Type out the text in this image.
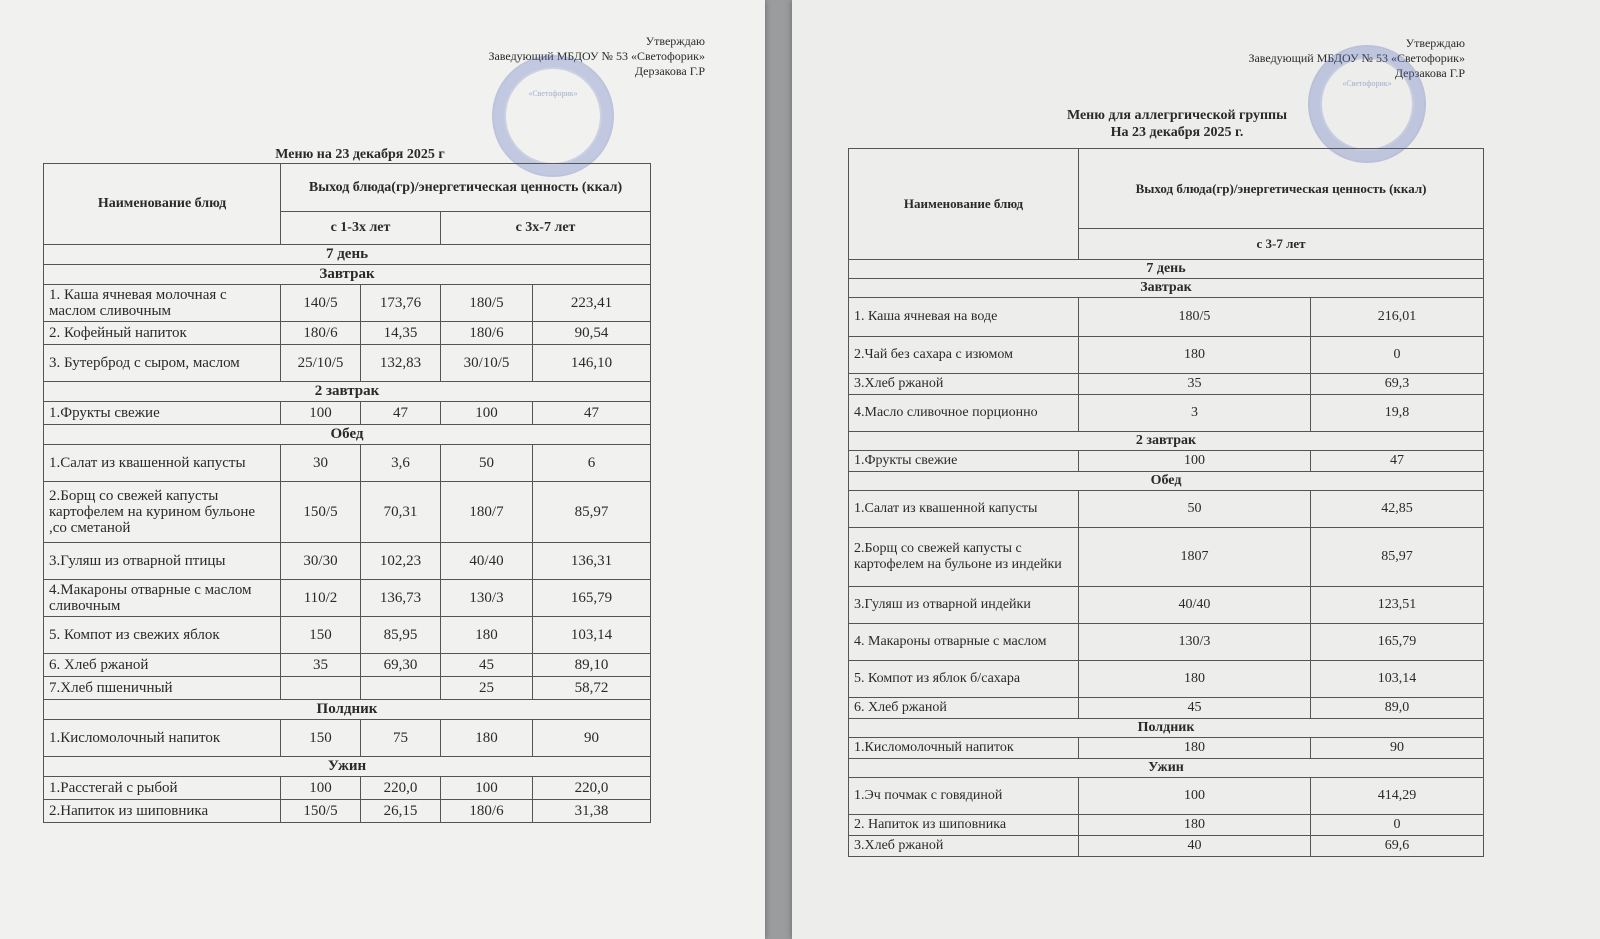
Утверждаю
Заведующий МБДОУ № 53 «Светофорик»
Дерзакова Г.Р
«Светофорик»
Меню на 23 декабря 2025 г
Наименование блюд	Выход блюда(гр)/энергетическая ценность (ккал)			
	с 1-3х лет		с 3х-7 лет	
7 день				
Завтрак				
1. Каша ячневая молочная с маслом сливочным	140/5	173,76	180/5	223,41
2. Кофейный напиток	180/6	14,35	180/6	90,54
3. Бутерброд с сыром, маслом	25/10/5	132,83	30/10/5	146,10
2 завтрак				
1.Фрукты свежие	100	47	100	47
Обед				
1.Салат из квашенной капусты	30	3,6	50	6
2.Борщ со свежей капусты картофелем на курином бульоне ,со сметаной	150/5	70,31	180/7	85,97
3.Гуляш из отварной птицы	30/30	102,23	40/40	136,31
4.Макароны отварные с маслом сливочным	110/2	136,73	130/3	165,79
5. Компот из свежих яблок	150	85,95	180	103,14
6. Хлеб ржаной	35	69,30	45	89,10
7.Хлеб пшеничный			25	58,72
Полдник				
1.Кисломолочный напиток	150	75	180	90
Ужин				
1.Расстегай с рыбой	100	220,0	100	220,0
2.Напиток из шиповника	150/5	26,15	180/6	31,38
Утверждаю
Заведующий МБДОУ № 53 «Светофорик»
Дерзакова Г.Р
«Светофорик»
Меню для аллегргической группы
На 23 декабря 2025 г.
Наименование блюд	Выход блюда(гр)/энергетическая ценность (ккал)	
	с 3-7 лет	
7 день		
Завтрак		
1. Каша ячневая на воде	180/5	216,01
2.Чай без сахара с изюмом	180	0
3.Хлеб ржаной	35	69,3
4.Масло сливочное порционно	3	19,8
2 завтрак		
1.Фрукты свежие	100	47
Обед		
1.Салат из квашенной капусты	50	42,85
2.Борщ со свежей капусты с картофелем на бульоне из индейки	1807	85,97
3.Гуляш из отварной индейки	40/40	123,51
4. Макароны отварные с маслом	130/3	165,79
5. Компот из яблок б/сахара	180	103,14
6. Хлеб ржаной	45	89,0
Полдник		
1.Кисломолочный напиток	180	90
Ужин		
1.Эч почмак с говядиной	100	414,29
2. Напиток из шиповника	180	0
3.Хлеб ржаной	40	69,6
